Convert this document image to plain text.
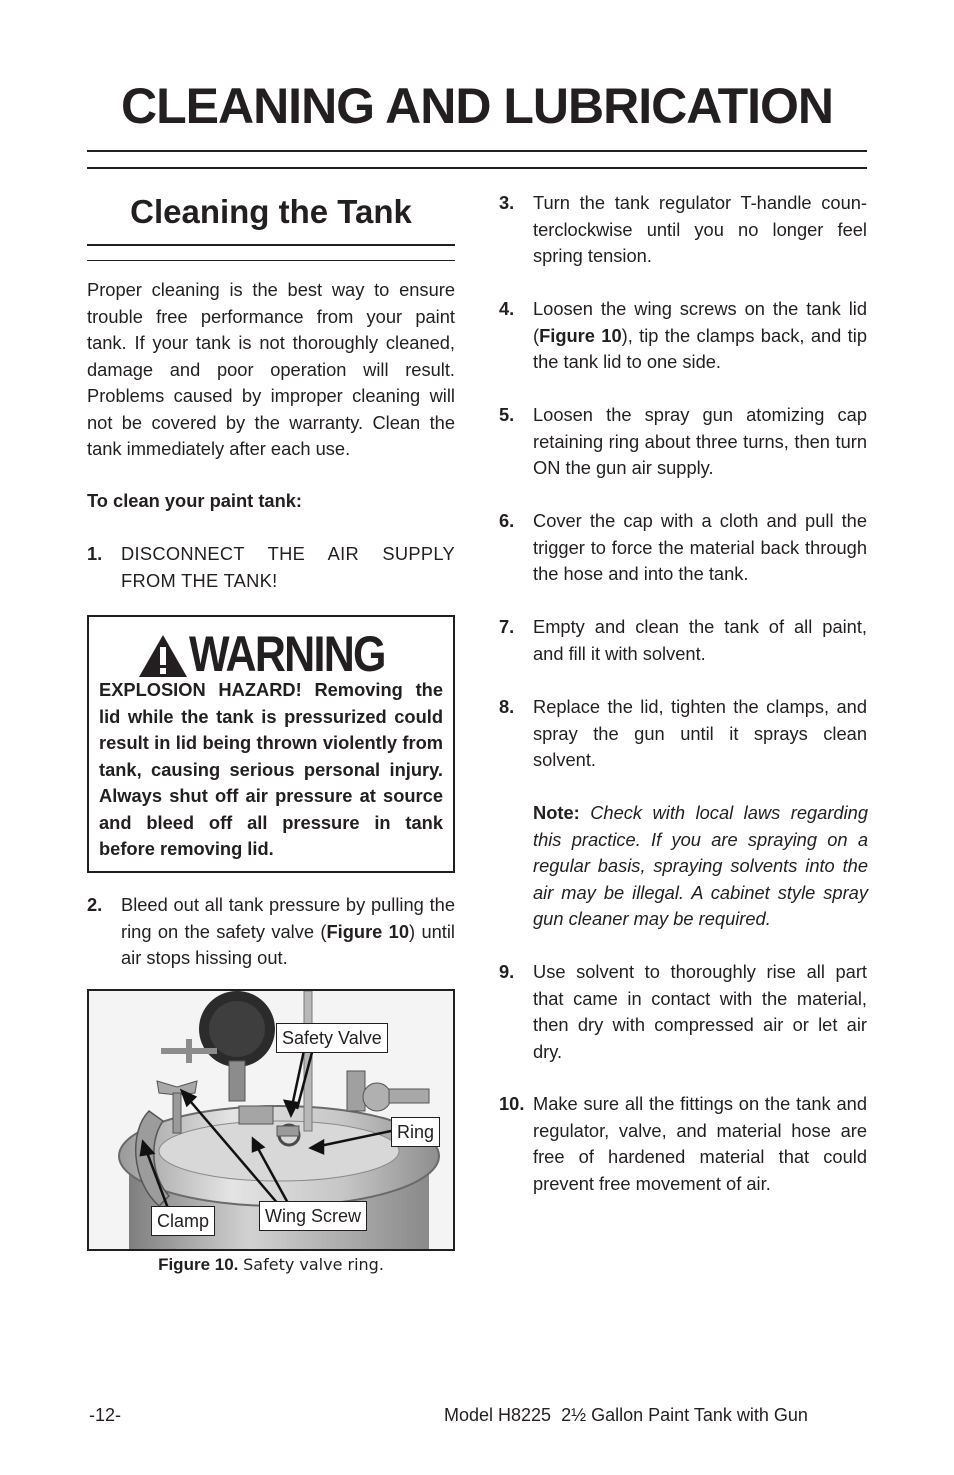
CLEANING AND LUBRICATION
Cleaning the Tank
Proper cleaning is the best way to ensure trouble free performance from your paint tank. If your tank is not thoroughly cleaned, damage and poor operation will result. Problems caused by improper cleaning will not be covered by the warranty. Clean the tank immediately after each use.
To clean your paint tank:
1. DISCONNECT THE AIR SUPPLY FROM THE TANK!
WARNING
EXPLOSION HAZARD! Removing the lid while the tank is pressurized could result in lid being thrown violently from tank, causing serious personal injury. Always shut off air pressure at source and bleed off all pressure in tank before removing lid.
2. Bleed out all tank pressure by pulling the ring on the safety valve (Figure 10) until air stops hissing out.
Safety Valve
Ring
Clamp	Wing Screw
Figure 10. Safety valve ring.
3. Turn the tank regulator T-handle coun-terclockwise until you no longer feel spring tension.
4. Loosen the wing screws on the tank lid (Figure 10), tip the clamps back, and tip the tank lid to one side.
5. Loosen the spray gun atomizing cap retaining ring about three turns, then turn ON the gun air supply.
6. Cover the cap with a cloth and pull the trigger to force the material back through the hose and into the tank.
7. Empty and clean the tank of all paint, and fill it with solvent.
8. Replace the lid, tighten the clamps, and spray the gun until it sprays clean solvent.
Note: Check with local laws regarding this practice. If you are spraying on a regular basis, spraying solvents into the air may be illegal. A cabinet style spray gun cleaner may be required.
9. Use solvent to thoroughly rise all part that came in contact with the material, then dry with compressed air or let air dry.
10. Make sure all the fittings on the tank and regulator, valve, and material hose are free of hardened material that could prevent free movement of air.
-12-	Model H8225  2½ Gallon Paint Tank with Gun
